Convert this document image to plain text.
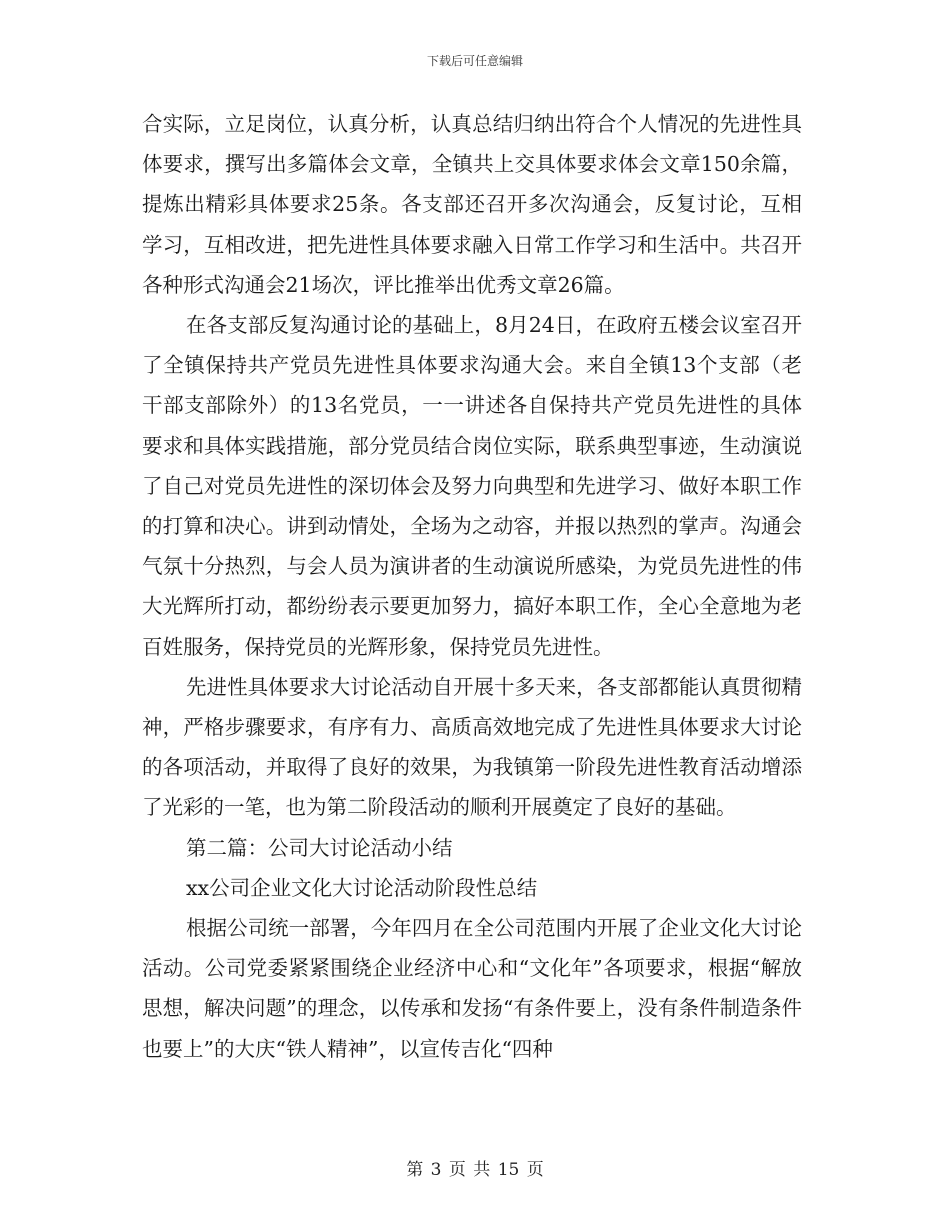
下载后可任意编辑

合实际，立足岗位，认真分析，认真总结归纳出符合个人情况的先进性具体要求，撰写出多篇体会文章，全镇共上交具体要求体会文章150余篇，提炼出精彩具体要求25条。各支部还召开多次沟通会，反复讨论，互相学习，互相改进，把先进性具体要求融入日常工作学习和生活中。共召开各种形式沟通会21场次，评比推举出优秀文章26篇。

在各支部反复沟通讨论的基础上，8月24日，在政府五楼会议室召开了全镇保持共产党员先进性具体要求沟通大会。来自全镇13个支部（老干部支部除外）的13名党员，一一讲述各自保持共产党员先进性的具体要求和具体实践措施，部分党员结合岗位实际，联系典型事迹，生动演说了自己对党员先进性的深切体会及努力向典型和先进学习、做好本职工作的打算和决心。讲到动情处，全场为之动容，并报以热烈的掌声。沟通会气氛十分热烈，与会人员为演讲者的生动演说所感染，为党员先进性的伟大光辉所打动，都纷纷表示要更加努力，搞好本职工作，全心全意地为老百姓服务，保持党员的光辉形象，保持党员先进性。

先进性具体要求大讨论活动自开展十多天来，各支部都能认真贯彻精神，严格步骤要求，有序有力、高质高效地完成了先进性具体要求大讨论的各项活动，并取得了良好的效果，为我镇第一阶段先进性教育活动增添了光彩的一笔，也为第二阶段活动的顺利开展奠定了良好的基础。

第二篇：公司大讨论活动小结

xx公司企业文化大讨论活动阶段性总结

根据公司统一部署，今年四月在全公司范围内开展了企业文化大讨论活动。公司党委紧紧围绕企业经济中心和“文化年”各项要求，根据“解放思想，解决问题”的理念，以传承和发扬“有条件要上，没有条件制造条件也要上”的大庆“铁人精神”，以宣传吉化“四种

第 3 页 共 15 页
